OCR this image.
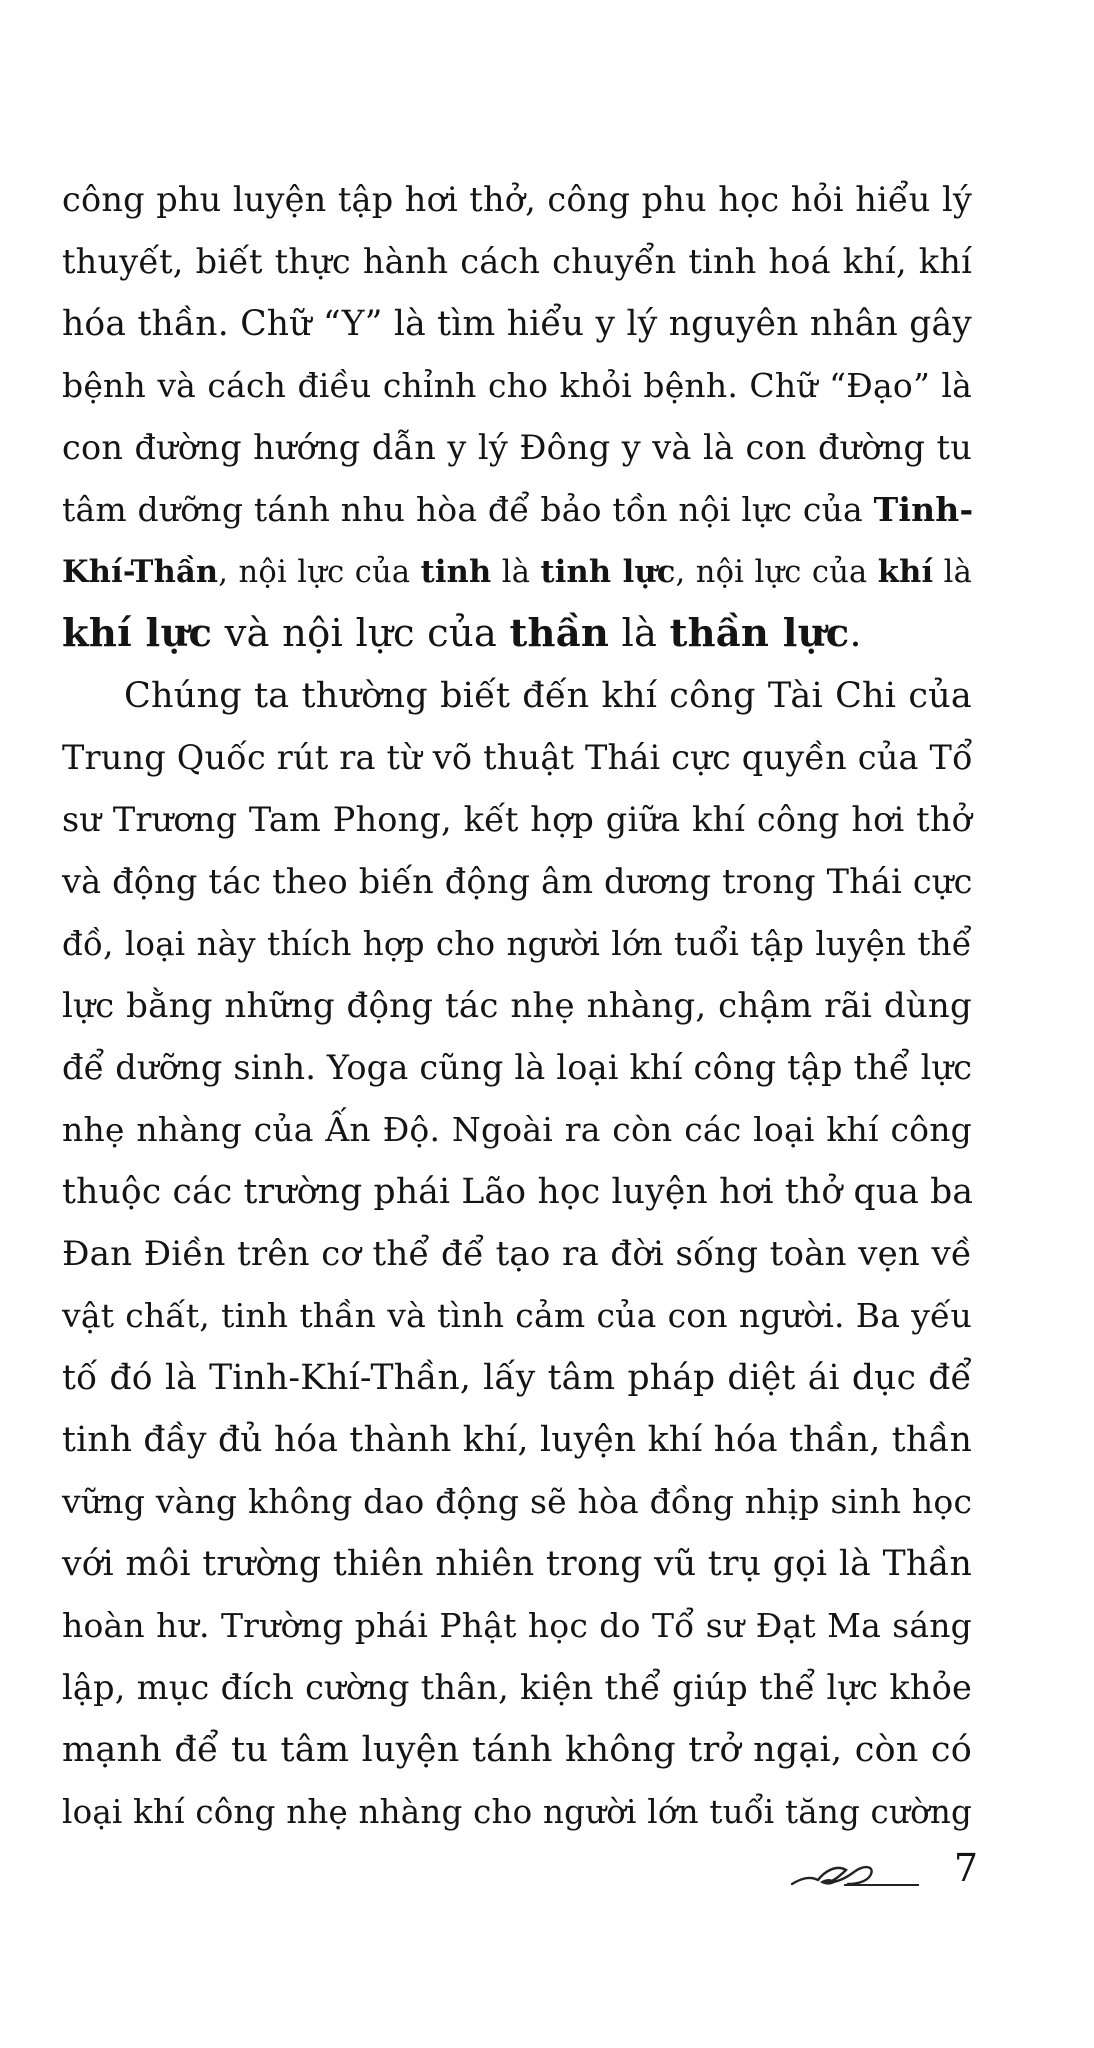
công phu luyện tập hơi thở, công phu học hỏi hiểu lý
thuyết, biết thực hành cách chuyển tinh hoá khí, khí
hóa thần. Chữ “Y” là tìm hiểu y lý nguyên nhân gây
bệnh và cách điều chỉnh cho khỏi bệnh. Chữ “Đạo” là
con đường hướng dẫn y lý Đông y và là con đường tu
tâm dưỡng tánh nhu hòa để bảo tồn nội lực của Tinh-
Khí-Thần, nội lực của tinh là tinh lực, nội lực của khí là
khí lực và nội lực của thần là thần lực.
Chúng ta thường biết đến khí công Tài Chi của
Trung Quốc rút ra từ võ thuật Thái cực quyền của Tổ
sư Trương Tam Phong, kết hợp giữa khí công hơi thở
và động tác theo biến động âm dương trong Thái cực
đồ, loại này thích hợp cho người lớn tuổi tập luyện thể
lực bằng những động tác nhẹ nhàng, chậm rãi dùng
để dưỡng sinh. Yoga cũng là loại khí công tập thể lực
nhẹ nhàng của Ấn Độ. Ngoài ra còn các loại khí công
thuộc các trường phái Lão học luyện hơi thở qua ba
Đan Điền trên cơ thể để tạo ra đời sống toàn vẹn về
vật chất, tinh thần và tình cảm của con người. Ba yếu
tố đó là Tinh-Khí-Thần, lấy tâm pháp diệt ái dục để
tinh đầy đủ hóa thành khí, luyện khí hóa thần, thần
vững vàng không dao động sẽ hòa đồng nhịp sinh học
với môi trường thiên nhiên trong vũ trụ gọi là Thần
hoàn hư. Trường phái Phật học do Tổ sư Đạt Ma sáng
lập, mục đích cường thân, kiện thể giúp thể lực khỏe
mạnh để tu tâm luyện tánh không trở ngại, còn có
loại khí công nhẹ nhàng cho người lớn tuổi tăng cường
7
